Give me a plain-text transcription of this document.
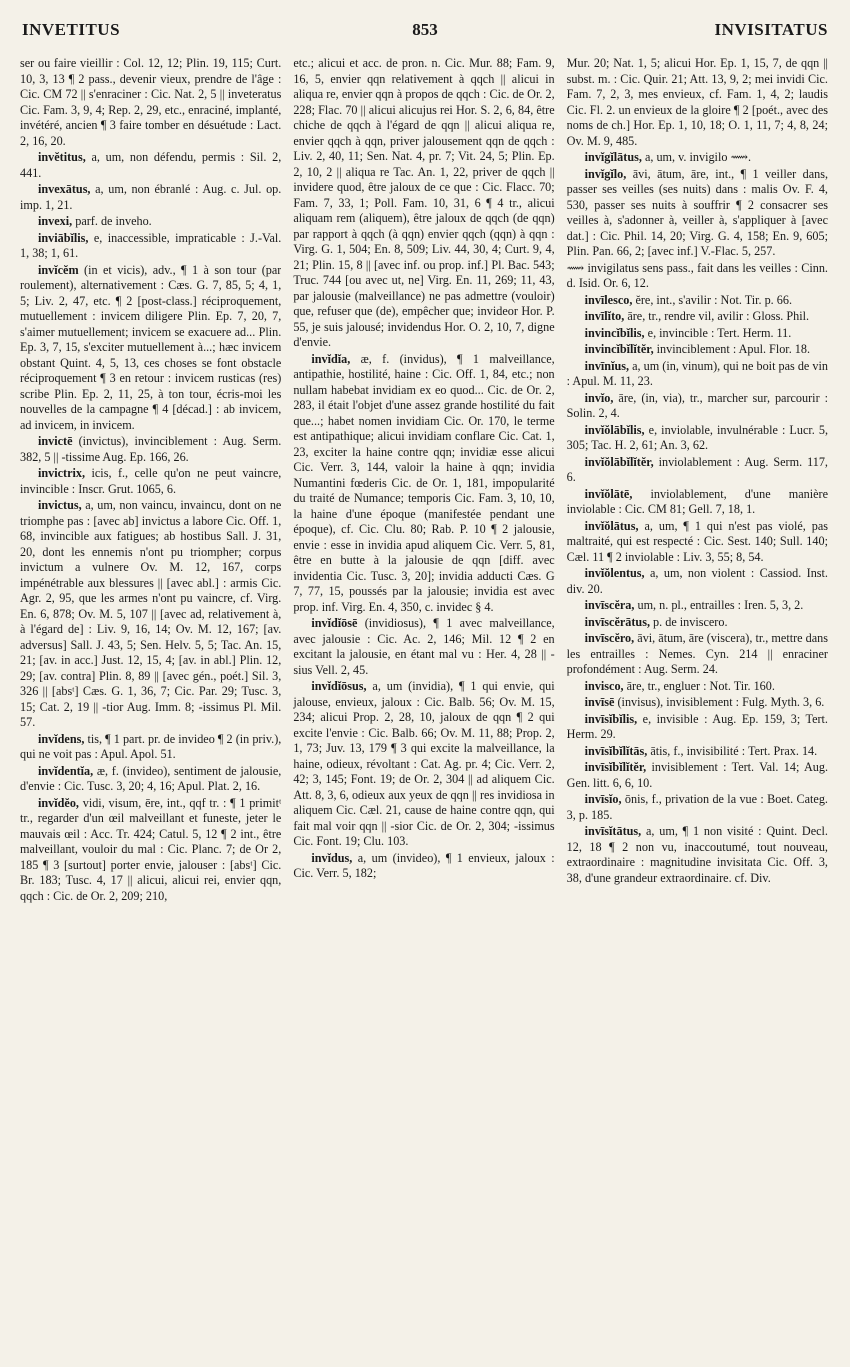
INVETITUS	853	INVISITATUS
ser ou faire vieillir : Col. 12, 12; Plin. 19, 115; Curt. 10, 3, 13 ¶ 2 pass., devenir vieux, prendre de l'âge : Cic. CM 72 || s'enraciner : Cic. Nat. 2, 5 || inveteratus Cic. Fam. 3, 9, 4; Rep. 2, 29, etc., enraciné, implanté, invétéré, ancien ¶ 3 faire tomber en désuétude : Lact. 2, 16, 20.
invĕtitus, a, um, non défendu, permis : Sil. 2, 441.
invexātus, a, um, non ébranlé : Aug. c. Jul. op. imp. 1, 21.
invexi, parf. de inveho.
inviābĭlis, e, inaccessible, impraticable : J.-Val. 1, 38; 1, 61.
invĭcĕm (in et vicis), adv., ¶ 1 à son tour (par roulement), alternativement : Cæs. G. 7, 85, 5; 4, 1, 5; Liv. 2, 47, etc. ¶ 2 [post-class.] réciproquement, mutuellement : invicem diligere Plin. Ep. 7, 20, 7, s'aimer mutuellement; invicem se exacuere ad... Plin. Ep. 3, 7, 15, s'exciter mutuellement à...; hæc invicem obstant Quint. 4, 5, 13, ces choses se font obstacle réciproquement ¶ 3 en retour : invicem rusticas (res) scribe Plin. Ep. 2, 11, 25, à ton tour, écris-moi les nouvelles de la campagne ¶ 4 [décad.] : ab invicem, ad invicem, in invicem.
invictē (invictus), invinciblement : Aug. Serm. 382, 5 || -tissime Aug. Ep. 166, 26.
invictrix, icis, f., celle qu'on ne peut vaincre, invincible : Inscr. Grut. 1065, 6.
invictus, a, um, non vaincu, invaincu, dont on ne triomphe pas : [avec ab] invictus a labore Cic. Off. 1, 68, invincible aux fatigues; ab hostibus Sall. J. 31, 20, dont les ennemis n'ont pu triompher; corpus invictum a vulnere Ov. M. 12, 167, corps impénétrable aux blessures || [avec abl.] : armis Cic. Agr. 2, 95, que les armes n'ont pu vaincre, cf. Virg. En. 6, 878; Ov. M. 5, 107 || [avec ad, relativement à, à l'égard de] : Liv. 9, 16, 14; Ov. M. 12, 167; [av. adversus] Sall. J. 43, 5; Sen. Helv. 5, 5; Tac. An. 15, 21; [av. in acc.] Just. 12, 15, 4; [av. in abl.] Plin. 12, 29; [av. contra] Plin. 8, 89 || [avec gén., poét.] Sil. 3, 326 || [absᵗ] Cæs. G. 1, 36, 7; Cic. Par. 29; Tusc. 3, 15; Cat. 2, 19 || -tior Aug. Imm. 8; -issimus Pl. Mil. 57.
invĭdens, tis, ¶ 1 part. pr. de invideo ¶ 2 (in priv.), qui ne voit pas : Apul. Apol. 51.
invĭdentĭa, æ, f. (invideo), sentiment de jalousie, d'envie : Cic. Tusc. 3, 20; 4, 16; Apul. Plat. 2, 16.
invĭdĕo, vidi, visum, ēre, int., qqf tr. : ¶ 1 primitᵗ tr., regarder d'un œil malveillant et funeste, jeter le mauvais œil : Acc. Tr. 424; Catul. 5, 12 ¶ 2 int., être malveillant, vouloir du mal : Cic. Planc. 7; de Or 2, 185 ¶ 3 [surtout] porter envie, jalouser : [absᵗ] Cic. Br. 183; Tusc. 4, 17 || alicui, alicui rei, envier qqn, qqch : Cic. de Or. 2, 209; 210,
etc.; alicui et acc. de pron. n. Cic. Mur. 88; Fam. 9, 16, 5, envier qqn relativement à qqch || alicui in aliqua re, envier qqn à propos de qqch : Cic. de Or. 2, 228; Flac. 70 || alicui alicujus rei Hor. S. 2, 6, 84, être chiche de qqch à l'égard de qqn || alicui aliqua re, envier qqch à qqn, priver jalousement qqn de qqch : Liv. 2, 40, 11; Sen. Nat. 4, pr. 7; Vit. 24, 5; Plin. Ep. 2, 10, 2 || aliqua re Tac. An. 1, 22, priver de qqch || invidere quod, être jaloux de ce que : Cic. Flacc. 70; Fam. 7, 33, 1; Poll. Fam. 10, 31, 6 ¶ 4 tr., alicui aliquam rem (aliquem), être jaloux de qqch (de qqn) par rapport à qqch (à qqn) envier qqch (qqn) à qqn : Virg. G. 1, 504; En. 8, 509; Liv. 44, 30, 4; Curt. 9, 4, 21; Plin. 15, 8 || [avec inf. ou prop. inf.] Pl. Bac. 543; Truc. 744 [ou avec ut, ne] Virg. En. 11, 269; 11, 43, par jalousie (malveillance) ne pas admettre (vouloir) que, refuser que (de), empêcher que; invideor Hor. P. 55, je suis jalousé; invidendus Hor. O. 2, 10, 7, digne d'envie.
invĭdĭa, æ, f. (invidus), ¶ 1 malveillance, antipathie, hostilité, haine : Cic. Off. 1, 84, etc.; non nullam habebat invidiam ex eo quod... Cic. de Or. 2, 283, il était l'objet d'une assez grande hostilité du fait que...; habet nomen invidiam Cic. Or. 170, le terme est antipathique; alicui invidiam conflare Cic. Cat. 1, 23, exciter la haine contre qqn; invidiæ esse alicui Cic. Verr. 3, 144, valoir la haine à qqn; invidia Numantini fœderis Cic. de Or. 1, 181, impopularité du traité de Numance; temporis Cic. Fam. 3, 10, 10, la haine d'une époque (manifestée pendant une époque), cf. Cic. Clu. 80; Rab. P. 10 ¶ 2 jalousie, envie : esse in invidia apud aliquem Cic. Verr. 5, 81, être en butte à la jalousie de qqn [diff. avec invidentia Cic. Tusc. 3, 20]; invidia adducti Cæs. G 7, 77, 15, poussés par la jalousie; invidia est avec prop. inf. Virg. En. 4, 350, c. invidec § 4.
invĭdĭōsē (invidiosus), ¶ 1 avec malveillance, avec jalousie : Cic. Ac. 2, 146; Mil. 12 ¶ 2 en excitant la jalousie, en étant mal vu : Her. 4, 28 || -sius Vell. 2, 45.
invĭdĭōsus, a, um (invidia), ¶ 1 qui envie, qui jalouse, envieux, jaloux : Cic. Balb. 56; Ov. M. 15, 234; alicui Prop. 2, 28, 10, jaloux de qqn ¶ 2 qui excite l'envie : Cic. Balb. 66; Ov. M. 11, 88; Prop. 2, 1, 73; Juv. 13, 179 ¶ 3 qui excite la malveillance, la haine, odieux, révoltant : Cat. Ag. pr. 4; Cic. Verr. 2, 42; 3, 145; Font. 19; de Or. 2, 304 || ad aliquem Cic. Att. 8, 3, 6, odieux aux yeux de qqn || res invidiosa in aliquem Cic. Cæl. 21, cause de haine contre qqn, qui fait mal voir qqn || -sior Cic. de Or. 2, 304; -issimus Cic. Font. 19; Clu. 103.
invĭdus, a, um (invideo), ¶ 1 envieux, jaloux : Cic. Verr. 5, 182;
Mur. 20; Nat. 1, 5; alicui Hor. Ep. 1, 15, 7, de qqn || subst. m. : Cic. Quir. 21; Att. 13, 9, 2; mei invidi Cic. Fam. 7, 2, 3, mes envieux, cf. Fam. 1, 4, 2; laudis Cic. Fl. 2. un envieux de la gloire ¶ 2 [poét., avec des noms de ch.] Hor. Ep. 1, 10, 18; O. 1, 11, 7; 4, 8, 24; Ov. M. 9, 485.
invĭgĭlātus, a, um, v. invigilo ⟿.
invĭgĭlo, āvi, ātum, āre, int., ¶ 1 veiller dans, passer ses veilles (ses nuits) dans : malis Ov. F. 4, 530, passer ses nuits à souffrir ¶ 2 consacrer ses veilles à, s'adonner à, veiller à, s'appliquer à [avec dat.] : Cic. Phil. 14, 20; Virg. G. 4, 158; En. 9, 605; Plin. Pan. 66, 2; [avec inf.] V.-Flac. 5, 257.
⟿ invigilatus sens pass., fait dans les veilles : Cinn. d. Isid. Or. 6, 12.
invīlesco, ĕre, int., s'avilir : Not. Tir. p. 66.
invīlĭto, āre, tr., rendre vil, avilir : Gloss. Phil.
invincĭbĭlis, e, invincible : Tert. Herm. 11.
invincĭbĭlĭtĕr, invinciblement : Apul. Flor. 18.
invīnĭus, a, um (in, vinum), qui ne boit pas de vin : Apul. M. 11, 23.
invĭo, āre, (in, via), tr., marcher sur, parcourir : Solin. 2, 4.
invĭŏlābĭlis, e, inviolable, invulnérable : Lucr. 5, 305; Tac. H. 2, 61; An. 3, 62.
invĭŏlābĭlĭtĕr, inviolablement : Aug. Serm. 117, 6.
invĭŏlātē, inviolablement, d'une manière inviolable : Cic. CM 81; Gell. 7, 18, 1.
invĭŏlātus, a, um, ¶ 1 qui n'est pas violé, pas maltraité, qui est respecté : Cic. Sest. 140; Sull. 140; Cæl. 11 ¶ 2 inviolable : Liv. 3, 55; 8, 54.
invĭŏlentus, a, um, non violent : Cassiod. Inst. div. 20.
invīscĕra, um, n. pl., entrailles : Iren. 5, 3, 2.
invīscĕrātus, p. de inviscero.
invīscĕro, āvi, ātum, āre (viscera), tr., mettre dans les entrailles : Nemes. Cyn. 214 || enraciner profondément : Aug. Serm. 24.
invisco, āre, tr., engluer : Not. Tir. 160.
invīsē (invisus), invisiblement : Fulg. Myth. 3, 6.
invīsĭbĭlis, e, invisible : Aug. Ep. 159, 3; Tert. Herm. 29.
invīsĭbĭlĭtās, ātis, f., invisibilité : Tert. Prax. 14.
invīsĭbĭlĭtĕr, invisiblement : Tert. Val. 14; Aug. Gen. litt. 6, 6, 10.
invīsĭo, ōnis, f., privation de la vue : Boet. Categ. 3, p. 185.
invīsĭtātus, a, um, ¶ 1 non visité : Quint. Decl. 12, 18 ¶ 2 non vu, inaccoutumé, tout nouveau, extraordinaire : magnitudine invisitata Cic. Off. 3, 38, d'une grandeur extraordinaire. cf. Div.
